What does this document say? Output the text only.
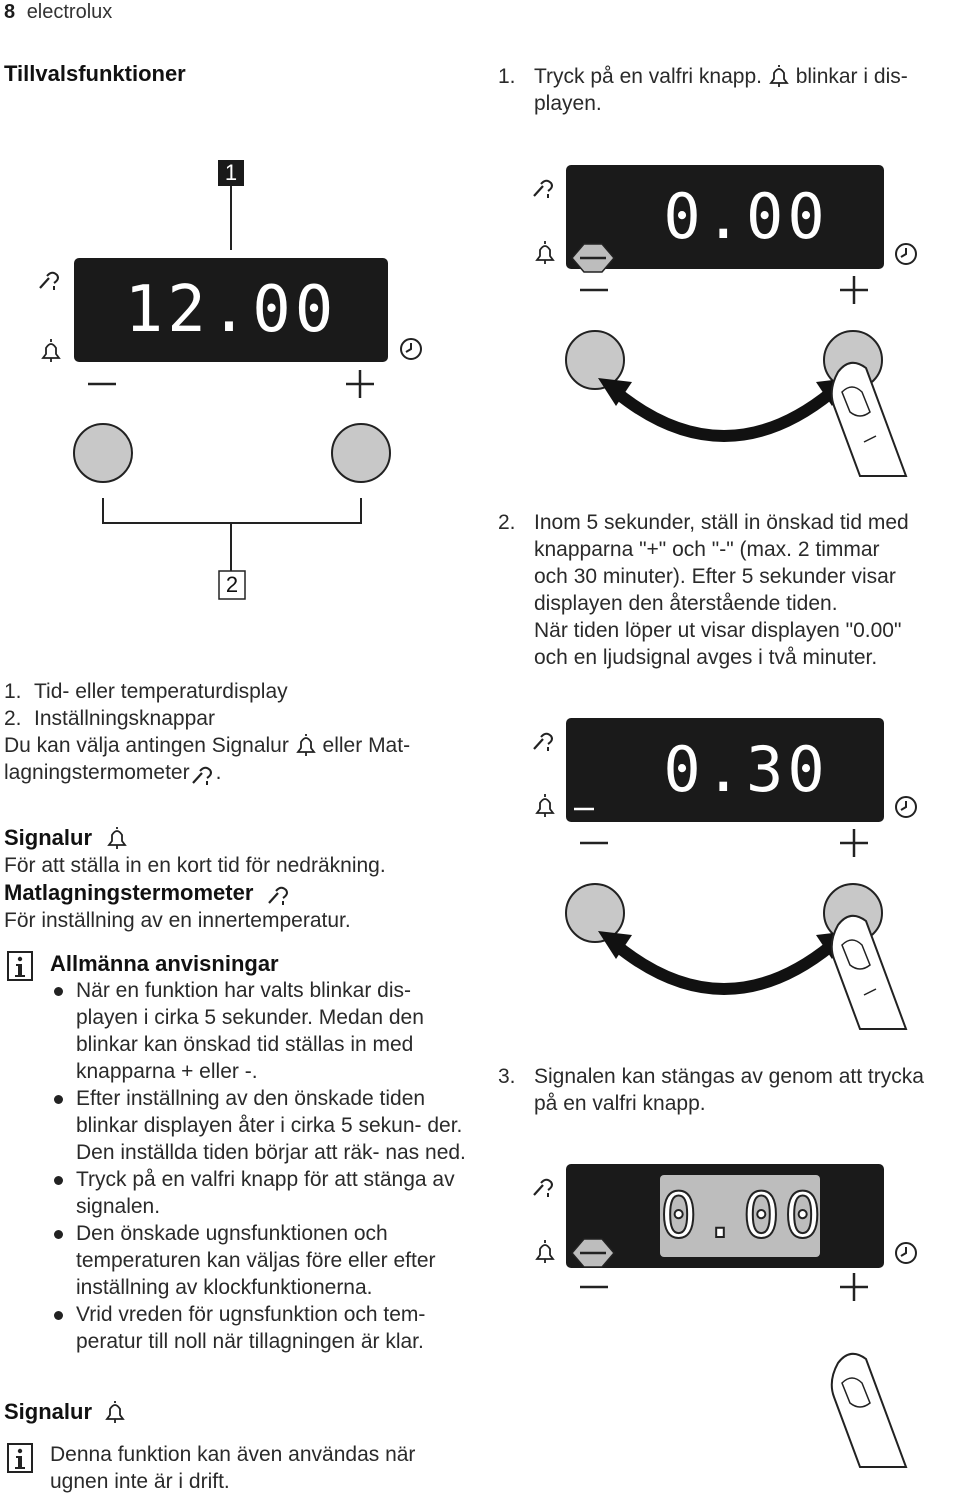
8 electrolux
Tillvalsfunktioner
1
2
12.00
1. Tid- eller temperaturdisplay
2. Inställningsknappar
Du kan välja antingen Signalur eller Mat-
lagningstermometer .
Signalur
För att ställa in en kort tid för nedräkning.
Matlagningstermometer
För inställning av en innertemperatur.
Allmänna anvisningar
När en funktion har valts blinkar dis- playen i cirka 5 sekunder. Medan den blinkar kan önskad tid ställas in med knapparna + eller -.
Efter inställning av den önskade tiden blinkar displayen åter i cirka 5 sekun- der. Den inställda tiden börjar att räk- nas ned.
Tryck på en valfri knapp för att stänga av signalen.
Den önskade ugnsfunktionen och temperaturen kan väljas före eller efter inställning av klockfunktionerna.
Vrid vreden för ugnsfunktion och tem- peratur till noll när tillagningen är klar.
Signalur
Denna funktion kan även användas när ugnen inte är i drift.
1. Tryck på en valfri knapp. blinkar i dis-
playen.
0.00
2. Inom 5 sekunder, ställ in önskad tid med
knapparna "+" och "-" (max. 2 timmar
och 30 minuter). Efter 5 sekunder visar
displayen den återstående tiden.
När tiden löper ut visar displayen "0.00"
och en ljudsignal avges i två minuter.
0.30
3. Signalen kan stängas av genom att trycka
på en valfri knapp.
0.00
